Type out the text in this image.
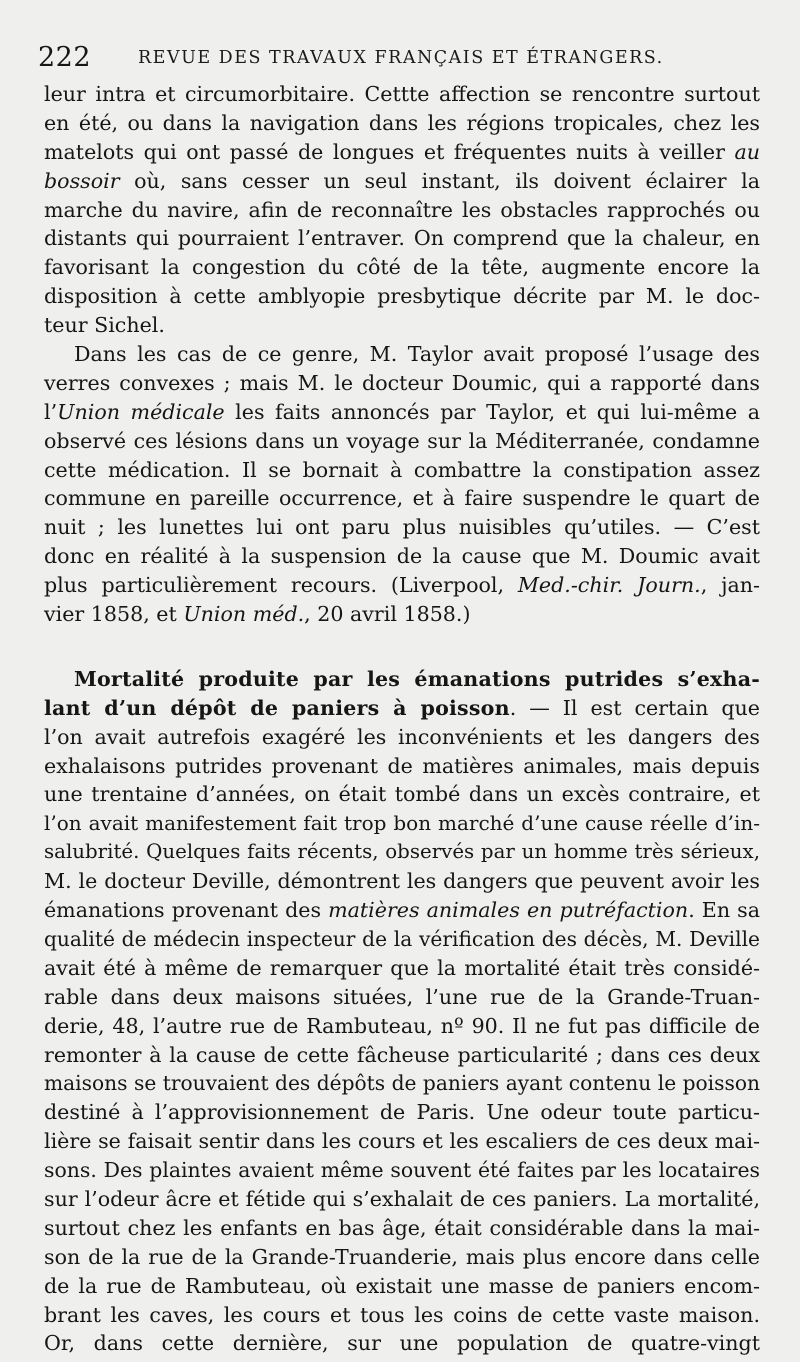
222	REVUE DES TRAVAUX FRANÇAIS ET ÉTRANGERS.
leur intra et circumorbitaire. Cettte affection se rencontre surtout
en été, ou dans la navigation dans les régions tropicales, chez les
matelots qui ont passé de longues et fréquentes nuits à veiller au
bossoir où, sans cesser un seul instant, ils doivent éclairer la
marche du navire, afin de reconnaître les obstacles rapprochés ou
distants qui pourraient l’entraver. On comprend que la chaleur, en
favorisant la congestion du côté de la tête, augmente encore la
disposition à cette amblyopie presbytique décrite par M. le doc-
teur Sichel.
Dans les cas de ce genre, M. Taylor avait proposé l’usage des
verres convexes ; mais M. le docteur Doumic, qui a rapporté dans
l’Union médicale les faits annoncés par Taylor, et qui lui-même a
observé ces lésions dans un voyage sur la Méditerranée, condamne
cette médication. Il se bornait à combattre la constipation assez
commune en pareille occurrence, et à faire suspendre le quart de
nuit ; les lunettes lui ont paru plus nuisibles qu’utiles. — C’est
donc en réalité à la suspension de la cause que M. Doumic avait
plus particulièrement recours. (Liverpool, Med.-chir. Journ., jan-
vier 1858, et Union méd., 20 avril 1858.)
Mortalité produite par les émanations putrides s’exha-
lant d’un dépôt de paniers à poisson. — Il est certain que
l’on avait autrefois exagéré les inconvénients et les dangers des
exhalaisons putrides provenant de matières animales, mais depuis
une trentaine d’années, on était tombé dans un excès contraire, et
l’on avait manifestement fait trop bon marché d’une cause réelle d’in-
salubrité. Quelques faits récents, observés par un homme très sérieux,
M. le docteur Deville, démontrent les dangers que peuvent avoir les
émanations provenant des matières animales en putréfaction. En sa
qualité de médecin inspecteur de la vérification des décès, M. Deville
avait été à même de remarquer que la mortalité était très considé-
rable dans deux maisons situées, l’une rue de la Grande-Truan-
derie, 48, l’autre rue de Rambuteau, nº 90. Il ne fut pas difficile de
remonter à la cause de cette fâcheuse particularité ; dans ces deux
maisons se trouvaient des dépôts de paniers ayant contenu le poisson
destiné à l’approvisionnement de Paris. Une odeur toute particu-
lière se faisait sentir dans les cours et les escaliers de ces deux mai-
sons. Des plaintes avaient même souvent été faites par les locataires
sur l’odeur âcre et fétide qui s’exhalait de ces paniers. La mortalité,
surtout chez les enfants en bas âge, était considérable dans la mai-
son de la rue de la Grande-Truanderie, mais plus encore dans celle
de la rue de Rambuteau, où existait une masse de paniers encom-
brant les caves, les cours et tous les coins de cette vaste maison.
Or, dans cette dernière, sur une population de quatre-vingt
